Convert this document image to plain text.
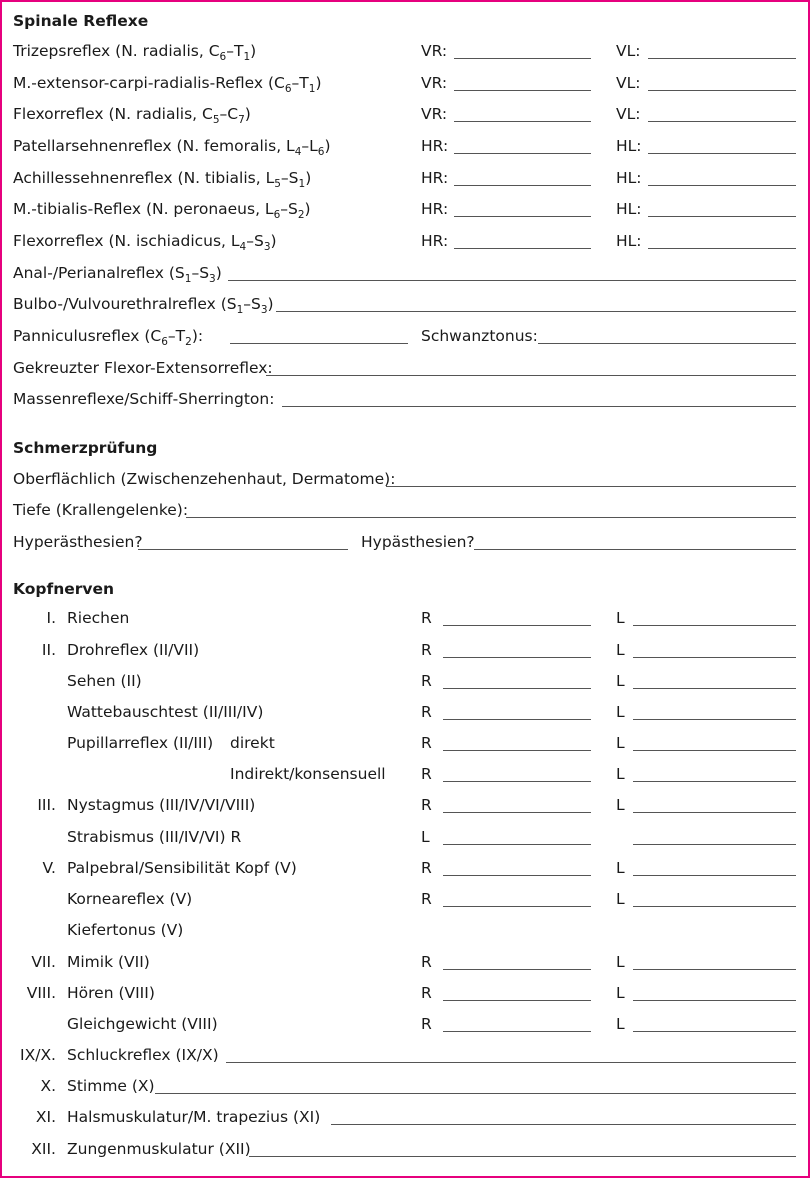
Spinale Reflexe
Trizepsreflex (N. radialis, $C_6-T_1$)	VR:	VL:
M.-extensor-carpi-radialis-Reflex $(C_6-T_1)$	VR:	VL:
Flexorreflex (N. radialis, $C_5-C_7$)	VR:	VL:
Patellarsehnenreflex (N. femoralis, $L_4-L_6$)	HR:	HL:
Achillessehnenreflex (N. tibialis, $L_5-S_1$)	HR:	HL:
M.-tibialis-Reflex (N. peronaeus, $L_6-S_2$)	HR:	HL:
Flexorreflex (N. ischiadicus, $L_4-S_3$)	HR:	HL:
Anal-/Perianalreflex $(S_1-S_3)$
Bulbo-/Vulvourethralreflex $(S_1-S_3)$
Panniculusreflex $(C_6-T_2)$:	Schwanztonus:
Gekreuzter Flexor-Extensorreflex:
Massenreflexe/Schiff-Sherrington:
Schmerzprüfung
Oberflächlich (Zwischenzehenhaut, Dermatome):
Tiefe (Krallengelenke):
Hyperästhesien?	Hypästhesien?
Kopfnerven
I. Riechen	R	L
II. Drohreflex (II/VII)	R	L
Sehen (II)	R	L
Wattebauschtest (II/III/IV)	R	L
Pupillarreflex (II/III) direkt	R	L
Indirekt/konsensuell R	L
III. Nystagmus (III/IV/VI/VIII)	R	L
Strabismus (III/IV/VI) R	L
V. Palpebral/Sensibilität Kopf (V)	R	L
Korneareflex (V)	R	L
Kiefertonus (V)
VII. Mimik (VII)	R	L
VIII. Hören (VIII)	R	L
Gleichgewicht (VIII)	R	L
IX/X. Schluckreflex (IX/X)
X. Stimme (X)
XI. Halsmuskulatur/M. trapezius (XI)
XII. Zungenmuskulatur (XII)
